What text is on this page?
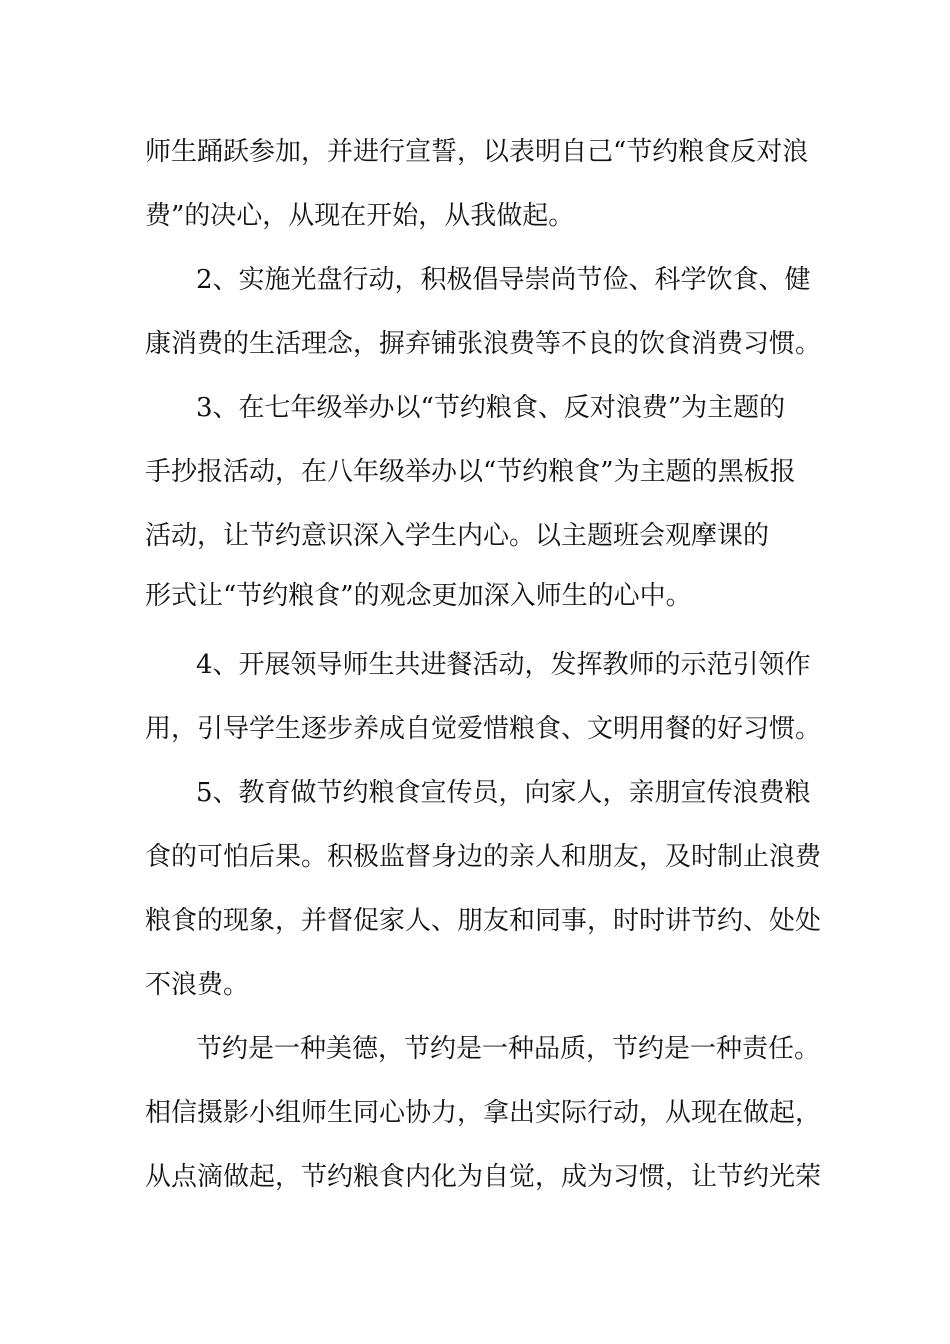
师生踊跃参加，并进行宣誓，以表明自己“节约粮食反对浪
费”的决心，从现在开始，从我做起。
2、实施光盘行动，积极倡导崇尚节俭、科学饮食、健
康消费的生活理念，摒弃铺张浪费等不良的饮食消费习惯。
3、在七年级举办以“节约粮食、反对浪费”为主题的
手抄报活动，在八年级举办以“节约粮食”为主题的黑板报
活动，让节约意识深入学生内心。以主题班会观摩课的
形式让“节约粮食”的观念更加深入师生的心中。
4、开展领导师生共进餐活动，发挥教师的示范引领作
用，引导学生逐步养成自觉爱惜粮食、文明用餐的好习惯。
5、教育做节约粮食宣传员，向家人，亲朋宣传浪费粮
食的可怕后果。积极监督身边的亲人和朋友，及时制止浪费
粮食的现象，并督促家人、朋友和同事，时时讲节约、处处
不浪费。
节约是一种美德，节约是一种品质，节约是一种责任。
相信摄影小组师生同心协力，拿出实际行动，从现在做起，
从点滴做起，节约粮食内化为自觉，成为习惯，让节约光荣
